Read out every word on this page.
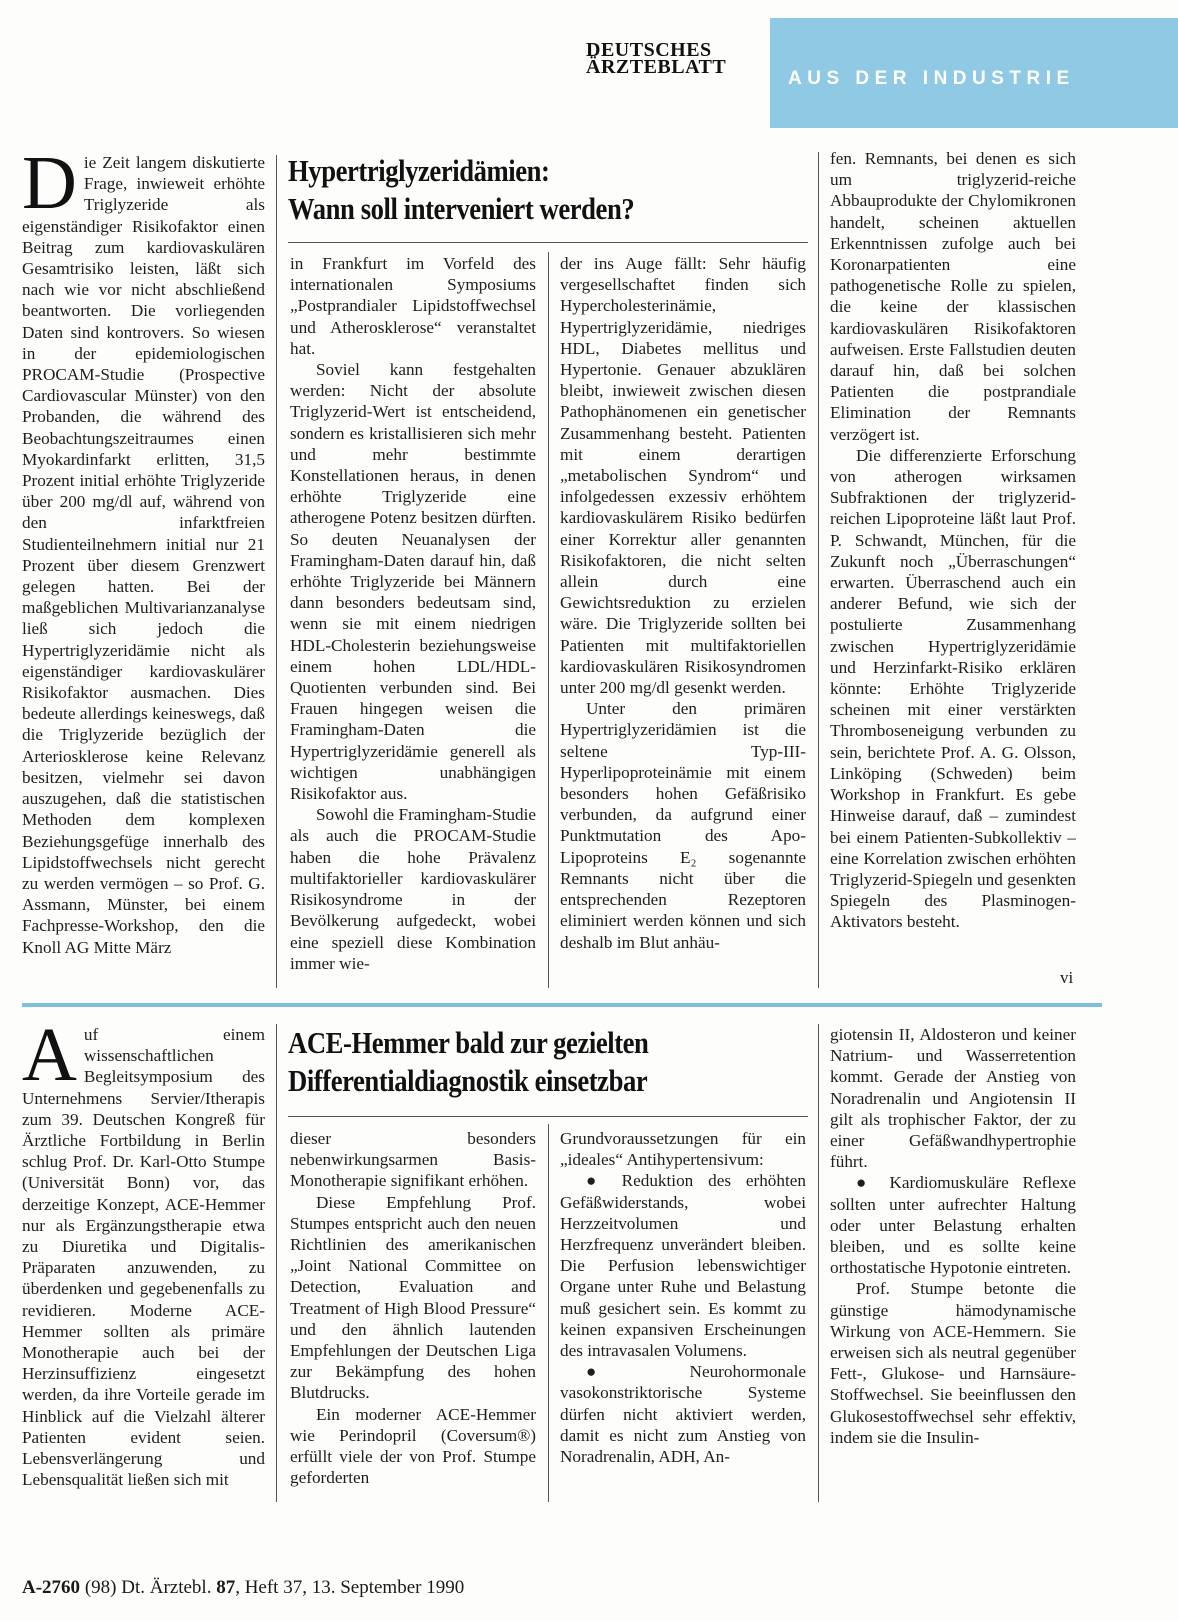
DEUTSCHES
ÄRZTEBLATT
AUS DER INDUSTRIE
D ie Zeit langem diskutierte Frage, inwieweit erhöhte Triglyzeride als eigenständiger Risikofaktor einen Beitrag zum kardiovaskulären Gesamtrisiko leisten, läßt sich nach wie vor nicht abschließend beantworten. Die vorliegenden Daten sind kontrovers. So wiesen in der epidemiologischen PROCAM-Studie (Prospective Cardiovascular Münster) von den Probanden, die während des Beobachtungszeitraumes einen Myokardinfarkt erlitten, 31,5 Prozent initial erhöhte Triglyzeride über 200 mg/dl auf, während von den infarktfreien Studienteilnehmern initial nur 21 Prozent über diesem Grenzwert gelegen hatten. Bei der maßgeblichen Multivarianzanalyse ließ sich jedoch die Hypertriglyzeridämie nicht als eigenständiger kardiovaskulärer Risikofaktor ausmachen. Dies bedeute allerdings keineswegs, daß die Triglyzeride bezüglich der Arteriosklerose keine Relevanz besitzen, vielmehr sei davon auszugehen, daß die statistischen Methoden dem komplexen Beziehungsgefüge innerhalb des Lipidstoffwechsels nicht gerecht zu werden vermögen – so Prof. G. Assmann, Münster, bei einem Fachpresse-Workshop, den die Knoll AG Mitte März

Hypertriglyzeridämien:
Wann soll interveniert werden?

in Frankfurt im Vorfeld des internationalen Symposiums „Postprandialer Lipidstoffwechsel und Atherosklerose“ veranstaltet hat.

Soviel kann festgehalten werden: Nicht der absolute Triglyzerid-Wert ist entscheidend, sondern es kristallisieren sich mehr und mehr bestimmte Konstellationen heraus, in denen erhöhte Triglyzeride eine atherogene Potenz besitzen dürften. So deuten Neuanalysen der Framingham-Daten darauf hin, daß erhöhte Triglyzeride bei Männern dann besonders bedeutsam sind, wenn sie mit einem niedrigen HDL-Cholesterin beziehungsweise einem hohen LDL/HDL-Quotienten verbunden sind. Bei Frauen hingegen weisen die Framingham-Daten die Hypertriglyzeridämie generell als wichtigen unabhängigen Risikofaktor aus.

Sowohl die Framingham-Studie als auch die PROCAM-Studie haben die hohe Prävalenz multifaktorieller kardiovaskulärer Risikosyndrome in der Bevölkerung aufgedeckt, wobei eine speziell diese Kombination immer wie-

der ins Auge fällt: Sehr häufig vergesellschaftet finden sich Hypercholesterinämie, Hypertriglyzeridämie, niedriges HDL, Diabetes mellitus und Hypertonie. Genauer abzuklären bleibt, inwieweit zwischen diesen Pathophänomenen ein genetischer Zusammenhang besteht. Patienten mit einem derartigen „metabolischen Syndrom“ und infolgedessen exzessiv erhöhtem kardiovaskulärem Risiko bedürfen einer Korrektur aller genannten Risikofaktoren, die nicht selten allein durch eine Gewichtsreduktion zu erzielen wäre. Die Triglyzeride sollten bei Patienten mit multifaktoriellen kardiovaskulären Risikosyndromen unter 200 mg/dl gesenkt werden.

Unter den primären Hypertriglyzeridämien ist die seltene Typ-III-Hyperlipoproteinämie mit einem besonders hohen Gefäßrisiko verbunden, da aufgrund einer Punktmutation des Apo-Lipoproteins E₂ sogenannte Remnants nicht über die entsprechenden Rezeptoren eliminiert werden können und sich deshalb im Blut anhäu-

fen. Remnants, bei denen es sich um triglyzerid-reiche Abbauprodukte der Chylomikronen handelt, scheinen aktuellen Erkenntnissen zufolge auch bei Koronarpatienten eine pathogenetische Rolle zu spielen, die keine der klassischen kardiovaskulären Risikofaktoren aufweisen. Erste Fallstudien deuten darauf hin, daß bei solchen Patienten die postprandiale Elimination der Remnants verzögert ist.

Die differenzierte Erforschung von atherogen wirksamen Subfraktionen der triglyzerid-reichen Lipoproteine läßt laut Prof. P. Schwandt, München, für die Zukunft noch „Überraschungen“ erwarten. Überraschend auch ein anderer Befund, wie sich der postulierte Zusammenhang zwischen Hypertriglyzeridämie und Herzinfarkt-Risiko erklären könnte: Erhöhte Triglyzeride scheinen mit einer verstärkten Thromboseneigung verbunden zu sein, berichtete Prof. A. G. Olsson, Linköping (Schweden) beim Workshop in Frankfurt. Es gebe Hinweise darauf, daß – zumindest bei einem Patienten-Subkollektiv – eine Korrelation zwischen erhöhten Triglyzerid-Spiegeln und gesenkten Spiegeln des Plasminogen-Aktivators besteht.

vi
A uf einem wissenschaftlichen Begleitsymposium des Unternehmens Servier/Itherapis zum 39. Deutschen Kongreß für Ärztliche Fortbildung in Berlin schlug Prof. Dr. Karl-Otto Stumpe (Universität Bonn) vor, das derzeitige Konzept, ACE-Hemmer nur als Ergänzungstherapie etwa zu Diuretika und Digitalis-Präparaten anzuwenden, zu überdenken und gegebenenfalls zu revidieren. Moderne ACE-Hemmer sollten als primäre Monotherapie auch bei der Herzinsuffizienz eingesetzt werden, da ihre Vorteile gerade im Hinblick auf die Vielzahl älterer Patienten evident seien. Lebensverlängerung und Lebensqualität ließen sich mit

ACE-Hemmer bald zur gezielten
Differentialdiagnostik einsetzbar

dieser besonders nebenwirkungsarmen Basis-Monotherapie signifikant erhöhen.

Diese Empfehlung Prof. Stumpes entspricht auch den neuen Richtlinien des amerikanischen „Joint National Committee on Detection, Evaluation and Treatment of High Blood Pressure“ und den ähnlich lautenden Empfehlungen der Deutschen Liga zur Bekämpfung des hohen Blutdrucks.

Ein moderner ACE-Hemmer wie Perindopril (Coversum®) erfüllt viele der von Prof. Stumpe geforderten

Grundvoraussetzungen für ein „ideales“ Antihypertensivum:

● Reduktion des erhöhten Gefäßwiderstands, wobei Herzzeitvolumen und Herzfrequenz unverändert bleiben. Die Perfusion lebenswichtiger Organe unter Ruhe und Belastung muß gesichert sein. Es kommt zu keinen expansiven Erscheinungen des intravasalen Volumens.

●	Neurohormonale vasokonstriktorische Systeme dürfen nicht aktiviert werden, damit es nicht zum Anstieg von Noradrenalin, ADH, An-

giotensin II, Aldosteron und keiner Natrium- und Wasserretention kommt. Gerade der Anstieg von Noradrenalin und Angiotensin II gilt als trophischer Faktor, der zu einer Gefäßwandhypertrophie führt.

● Kardiomuskuläre Reflexe sollten unter aufrechter Haltung oder unter Belastung erhalten bleiben, und es sollte keine orthostatische Hypotonie eintreten.

Prof. Stumpe betonte die günstige hämodynamische Wirkung von ACE-Hemmern. Sie erweisen sich als neutral gegenüber Fett-, Glukose- und Harnsäure-Stoffwechsel. Sie beeinflussen den Glukosestoffwechsel sehr effektiv, indem sie die Insulin-

A-2760 (98) Dt. Ärztebl. 87, Heft 37, 13. September 1990
